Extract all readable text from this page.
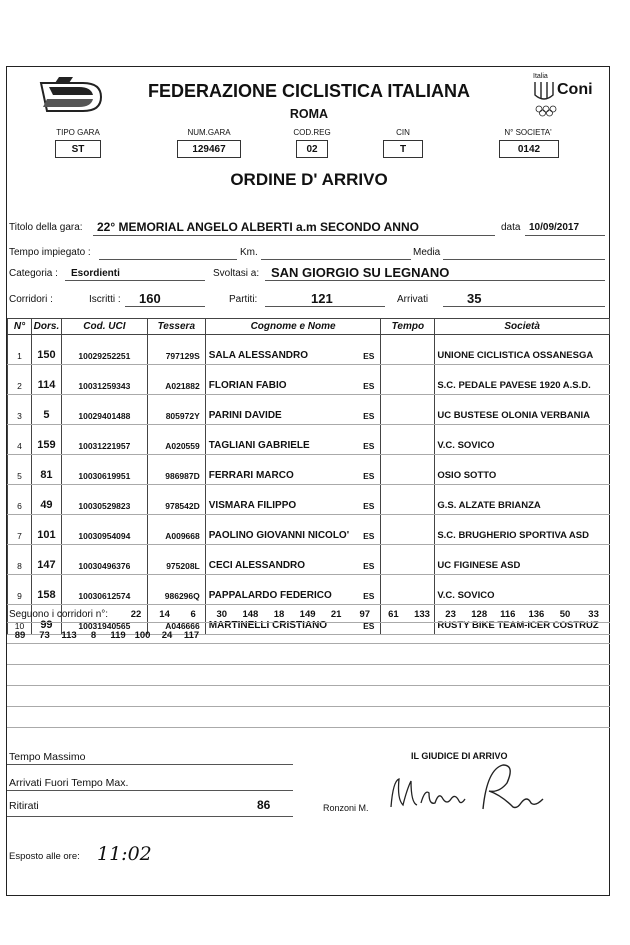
Italia
Coni
FEDERAZIONE CICLISTICA ITALIANA
ROMA
TIPO GARA
ST
NUM.GARA
129467
COD.REG
02
CIN
T
N° SOCIETA'
0142
ORDINE D' ARRIVO
Titolo della gara: 22° MEMORIAL ANGELO ALBERTI a.m SECONDO ANNO	data 10/09/2017
Tempo impiegato :	Km.	Media
Categoria : Esordienti	Svoltasi a: SAN GIORGIO SU LEGNANO
Corridori :	Iscritti : 160	Partiti:	121	Arrivati	35
N°	Dors.	Cod. UCI	Tessera	Cognome e Nome	Tempo	Società
1	150	10029252251	797129S	SALA ALESSANDRO ES		UNIONE CICLISTICA OSSANESGA
2	114	10031259343	A021882	FLORIAN FABIO ES		S.C. PEDALE PAVESE 1920 A.S.D.
3	5	10029401488	805972Y	PARINI DAVIDE ES		UC BUSTESE OLONIA VERBANIA
4	159	10031221957	A020559	TAGLIANI GABRIELE ES		V.C. SOVICO
5	81	10030619951	986987D	FERRARI MARCO ES		OSIO SOTTO
6	49	10030529823	978542D	VISMARA FILIPPO ES		G.S. ALZATE BRIANZA
7	101	10030954094	A009668	PAOLINO GIOVANNI NICOLO' ES		S.C. BRUGHERIO SPORTIVA ASD
8	147	10030496376	975208L	CECI ALESSANDRO ES		UC FIGINESE ASD
9	158	10030612574	986296Q	PAPPALARDO FEDERICO ES		V.C. SOVICO
10	99	10031940565	A046666	MARTINELLI CRISTIANO ES		RUSTY BIKE TEAM-ICER COSTRUZ
Seguono i corridori n°:	22	14	6	30	148	18	149	21	97	61	133	23	128	116	136	50	33
89	73	113	8	119 100	24	117
Tempo Massimo
Arrivati Fuori Tempo Max.
Ritirati	86
IL GIUDICE DI ARRIVO
Ronzoni M.
Esposto alle ore: 11:02
